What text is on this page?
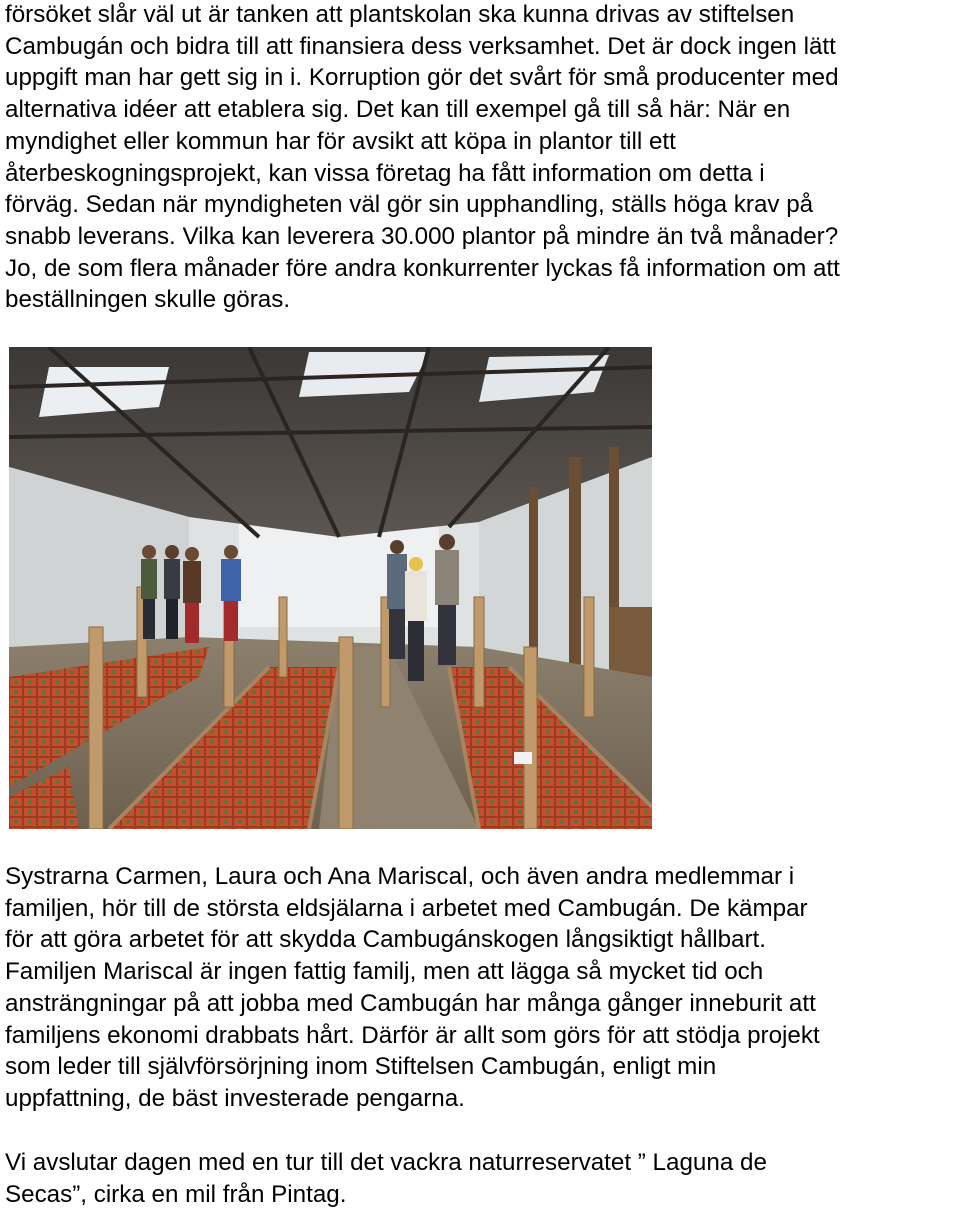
försöket slår väl ut är tanken att plantskolan ska kunna drivas av stiftelsen
Cambugán och bidra till att finansiera dess verksamhet. Det är dock ingen lätt
uppgift man har gett sig in i. Korruption gör det svårt för små producenter med
alternativa idéer att etablera sig. Det kan till exempel gå till så här: När en
myndighet eller kommun har för avsikt att köpa in plantor till ett
återbeskogningsprojekt, kan vissa företag ha fått information om detta i
förväg. Sedan när myndigheten väl gör sin upphandling, ställs höga krav på
snabb leverans. Vilka kan leverera 30.000 plantor på mindre än två månader?
Jo, de som flera månader före andra konkurrenter lyckas få information om att
beställningen skulle göras.

Systrarna Carmen, Laura och Ana Mariscal, och även andra medlemmar i
familjen, hör till de största eldsjälarna i arbetet med Cambugán. De kämpar
för att göra arbetet för att skydda Cambugánskogen långsiktigt hållbart.
Familjen Mariscal är ingen fattig familj, men att lägga så mycket tid och
ansträngningar på att jobba med Cambugán har många gånger inneburit att
familjens ekonomi drabbats hårt. Därför är allt som görs för att stödja projekt
som leder till självförsörjning inom Stiftelsen Cambugán, enligt min
uppfattning, de bäst investerade pengarna.

Vi avslutar dagen med en tur till det vackra naturreservatet ” Laguna de
Secas”, cirka en mil från Pintag.
